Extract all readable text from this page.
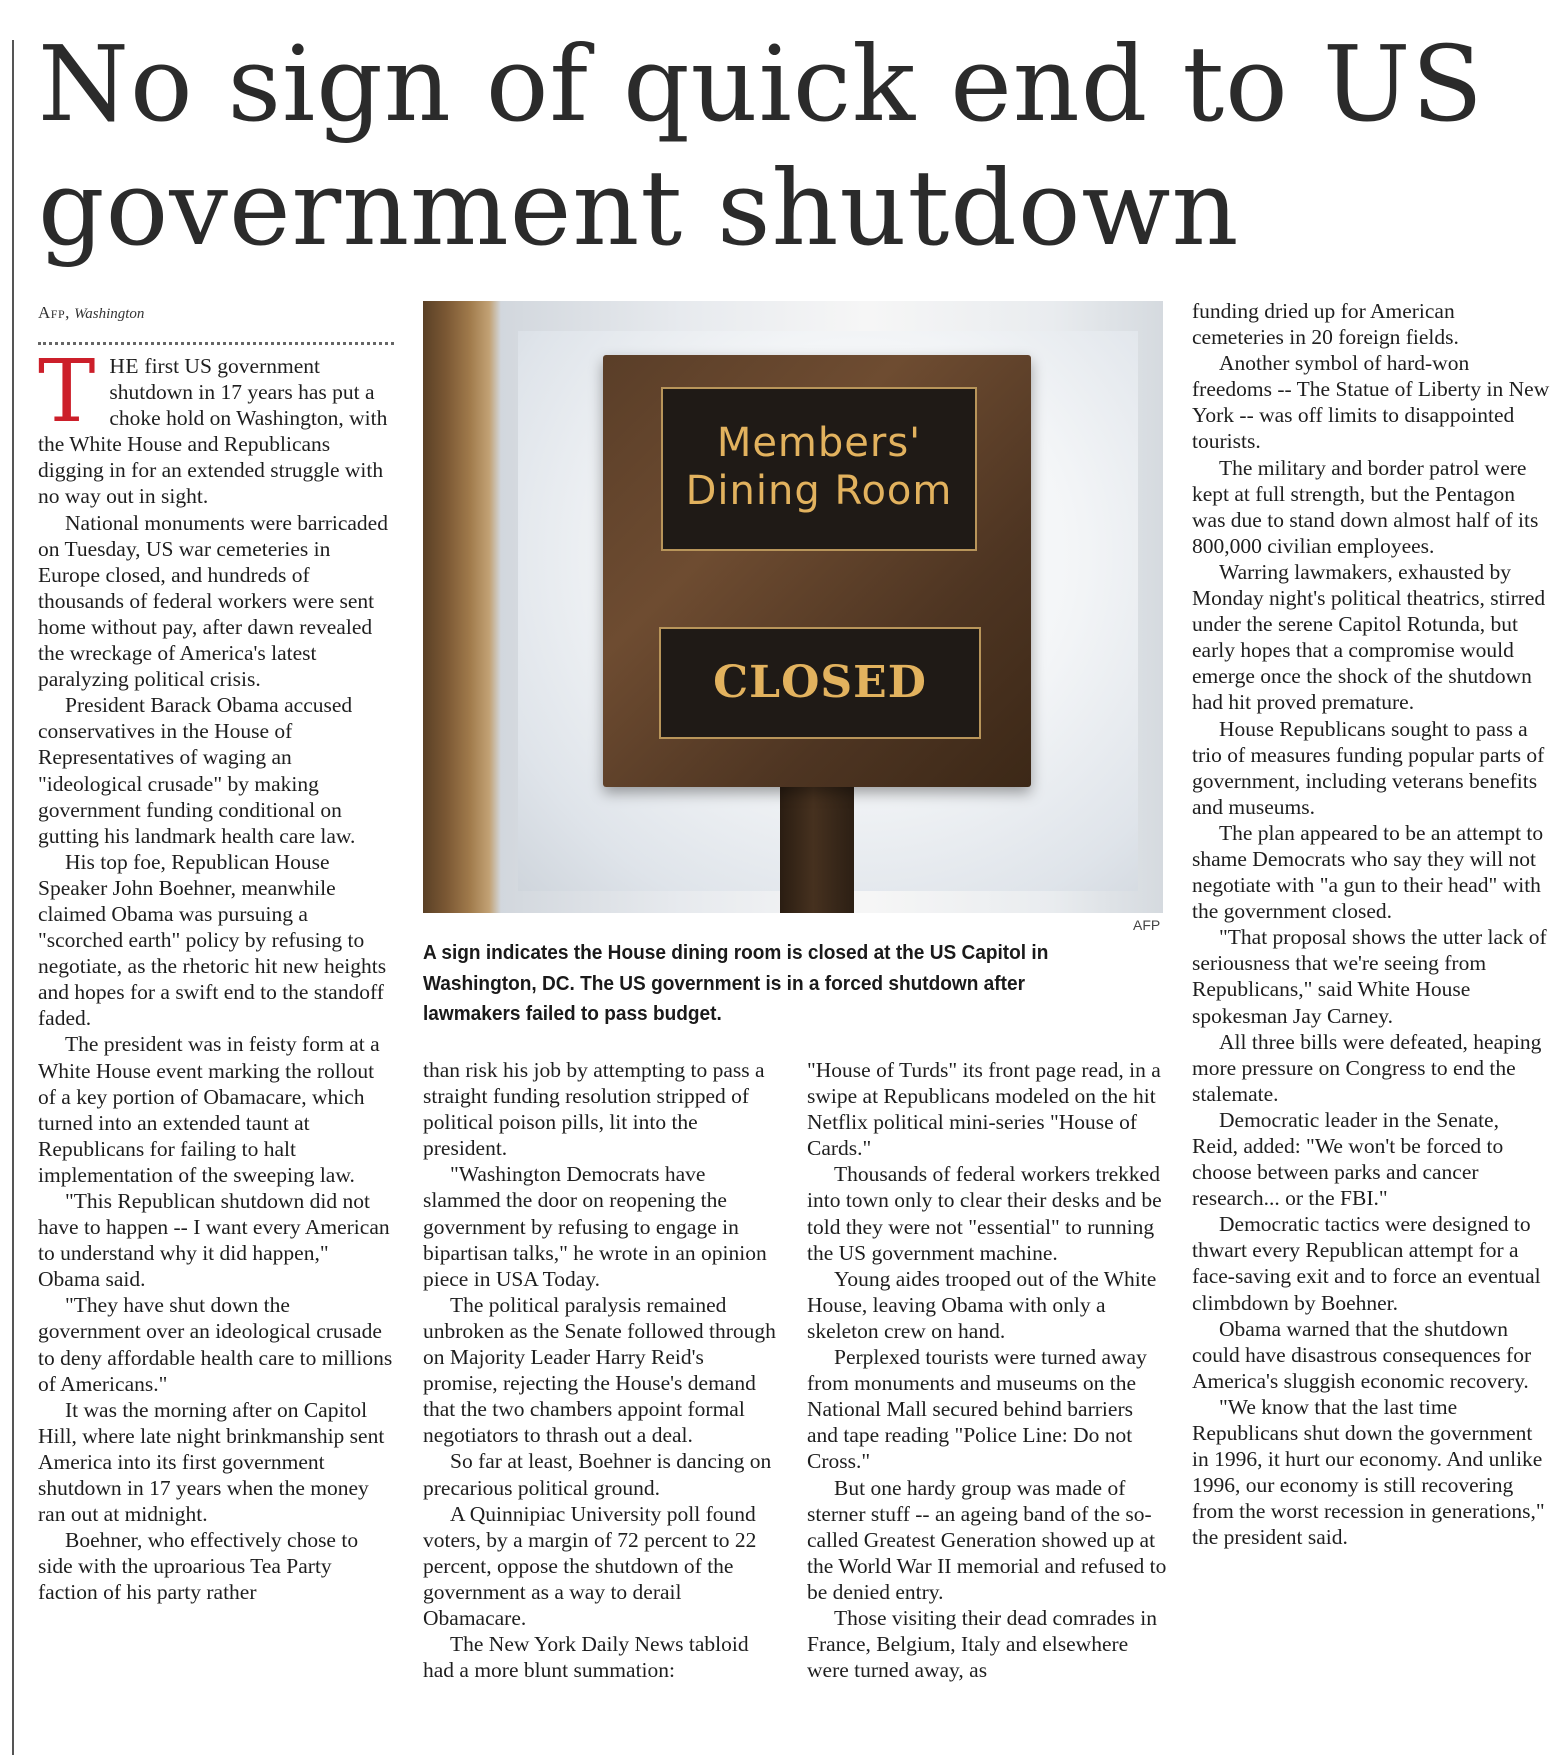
No sign of quick end to US government shutdown
Afp, Washington

THE first US government shutdown in 17 years has put a choke hold on Washington, with the White House and Republicans digging in for an extended struggle with no way out in sight.

National monuments were barricaded on Tuesday, US war cemeteries in Europe closed, and hundreds of thousands of federal workers were sent home without pay, after dawn revealed the wreckage of America's latest paralyzing political crisis.

President Barack Obama accused conservatives in the House of Representatives of waging an "ideological crusade" by making government funding conditional on gutting his landmark health care law.

His top foe, Republican House Speaker John Boehner, meanwhile claimed Obama was pursuing a "scorched earth" policy by refusing to negotiate, as the rhetoric hit new heights and hopes for a swift end to the standoff faded.

The president was in feisty form at a White House event marking the rollout of a key portion of Obamacare, which turned into an extended taunt at Republicans for failing to halt implementation of the sweeping law.

"This Republican shutdown did not have to happen -- I want every American to understand why it did happen," Obama said.

"They have shut down the government over an ideological crusade to deny affordable health care to millions of Americans."

It was the morning after on Capitol Hill, where late night brinkmanship sent America into its first government shutdown in 17 years when the money ran out at midnight.

Boehner, who effectively chose to side with the uproarious Tea Party faction of his party rather

Members'
Dining Room
CLOSED
AFP

A sign indicates the House dining room is closed at the US Capitol in Washington, DC. The US government is in a forced shutdown after lawmakers failed to pass budget.

than risk his job by attempting to pass a straight funding resolution stripped of political poison pills, lit into the president.

"Washington Democrats have slammed the door on reopening the government by refusing to engage in bipartisan talks," he wrote in an opinion piece in USA Today.

The political paralysis remained unbroken as the Senate followed through on Majority Leader Harry Reid's promise, rejecting the House's demand that the two chambers appoint formal negotiators to thrash out a deal.

So far at least, Boehner is dancing on precarious political ground.

A Quinnipiac University poll found voters, by a margin of 72 percent to 22 percent, oppose the shutdown of the government as a way to derail Obamacare.

The New York Daily News tabloid had a more blunt summation:

"House of Turds" its front page read, in a swipe at Republicans modeled on the hit Netflix political mini-series "House of Cards."

Thousands of federal workers trekked into town only to clear their desks and be told they were not "essential" to running the US government machine.

Young aides trooped out of the White House, leaving Obama with only a skeleton crew on hand.

Perplexed tourists were turned away from monuments and museums on the National Mall secured behind barriers and tape reading "Police Line: Do not Cross."

But one hardy group was made of sterner stuff -- an ageing band of the so-called Greatest Generation showed up at the World War II memorial and refused to be denied entry.

Those visiting their dead comrades in France, Belgium, Italy and elsewhere were turned away, as

funding dried up for American cemeteries in 20 foreign fields.

Another symbol of hard-won freedoms -- The Statue of Liberty in New York -- was off limits to disappointed tourists.

The military and border patrol were kept at full strength, but the Pentagon was due to stand down almost half of its 800,000 civilian employees.

Warring lawmakers, exhausted by Monday night's political theatrics, stirred under the serene Capitol Rotunda, but early hopes that a compromise would emerge once the shock of the shutdown had hit proved premature.

House Republicans sought to pass a trio of measures funding popular parts of government, including veterans benefits and museums.

The plan appeared to be an attempt to shame Democrats who say they will not negotiate with "a gun to their head" with the government closed.

"That proposal shows the utter lack of seriousness that we're seeing from Republicans," said White House spokesman Jay Carney.

All three bills were defeated, heaping more pressure on Congress to end the stalemate.

Democratic leader in the Senate, Reid, added: "We won't be forced to choose between parks and cancer research... or the FBI."

Democratic tactics were designed to thwart every Republican attempt for a face-saving exit and to force an eventual climbdown by Boehner.

Obama warned that the shutdown could have disastrous consequences for America's sluggish economic recovery.

"We know that the last time Republicans shut down the government in 1996, it hurt our economy. And unlike 1996, our economy is still recovering from the worst recession in generations," the president said.
